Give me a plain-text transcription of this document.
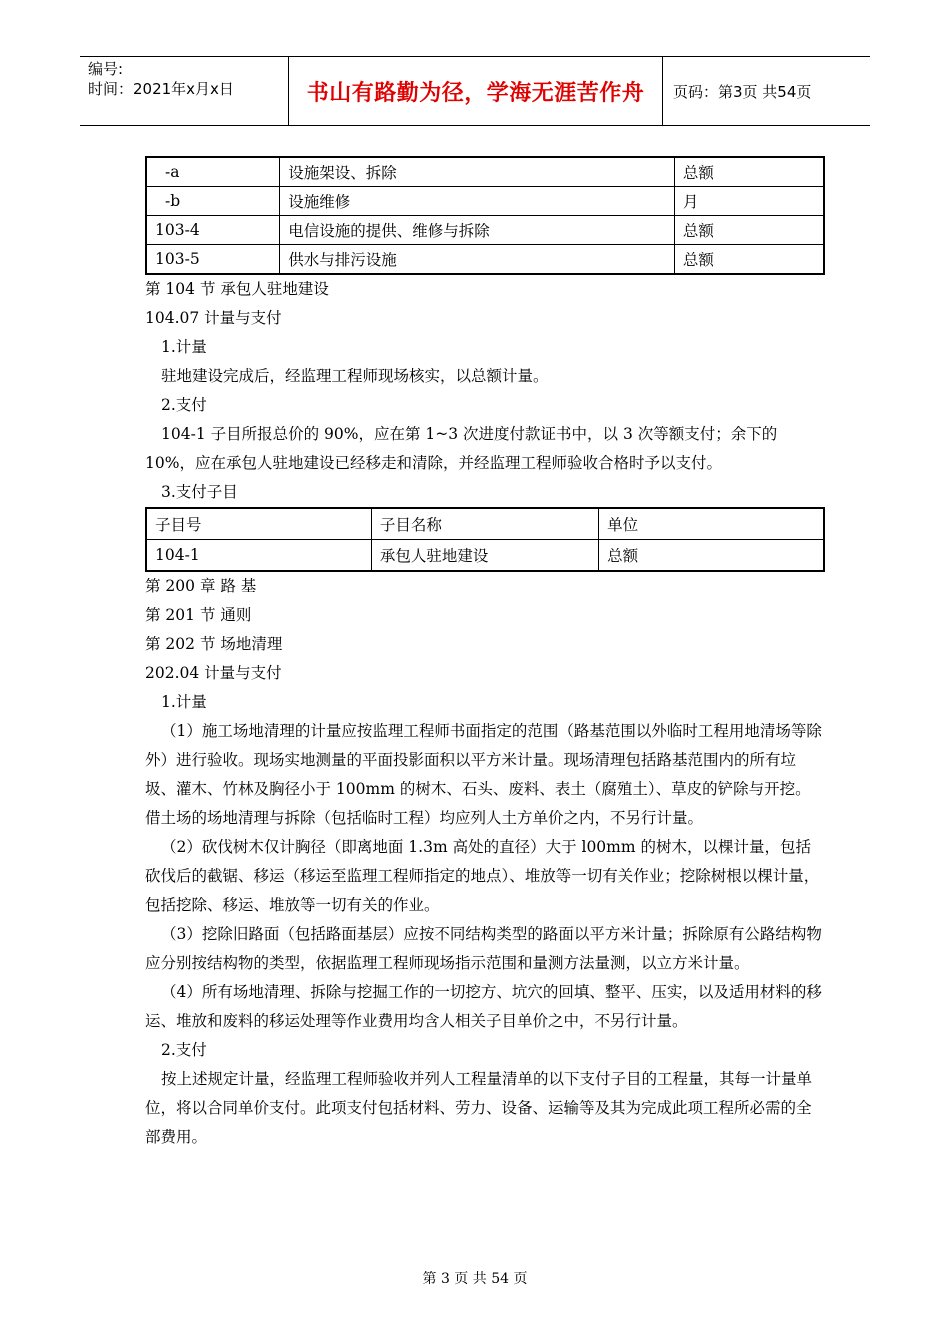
编号:
时间：2021年x月x日	书山有路勤为径，学海无涯苦作舟	页码：第3页 共54页
-a	设施架设、拆除	总额
-b	设施维修	月
103-4	电信设施的提供、维修与拆除	总额
103-5	供水与排污设施	总额
第 104 节 承包人驻地建设
104.07 计量与支付
1.计量
驻地建设完成后，经监理工程师现场核实，以总额计量。
2.支付
104-1 子目所报总价的 90%，应在第 1~3 次进度付款证书中，以 3 次等额支付；余下的 10%，应在承包人驻地建设已经移走和清除，并经监理工程师验收合格时予以支付。
3.支付子目
子目号	子目名称	单位
104-1	承包人驻地建设	总额
第 200 章 路 基
第 201 节 通则
第 202 节 场地清理
202.04 计量与支付
1.计量
（1）施工场地清理的计量应按监理工程师书面指定的范围（路基范围以外临时工程用地清场等除外）进行验收。现场实地测量的平面投影面积以平方米计量。现场清理包括路基范围内的所有垃圾、灌木、竹林及胸径小于 100mm 的树木、石头、废料、表土（腐殖土）、草皮的铲除与开挖。借土场的场地清理与拆除（包括临时工程）均应列人土方单价之内，不另行计量。
（2）砍伐树木仅计胸径（即离地面 1.3m 高处的直径）大于 l00mm 的树木，以棵计量，包括砍伐后的截锯、移运（移运至监理工程师指定的地点）、堆放等一切有关作业；挖除树根以棵计量，包括挖除、移运、堆放等一切有关的作业。
（3）挖除旧路面（包括路面基层）应按不同结构类型的路面以平方米计量；拆除原有公路结构物应分别按结构物的类型，依据监理工程师现场指示范围和量测方法量测，以立方米计量。
（4）所有场地清理、拆除与挖掘工作的一切挖方、坑穴的回填、整平、压实，以及适用材料的移运、堆放和废料的移运处理等作业费用均含人相关子目单价之中，不另行计量。
2.支付
按上述规定计量，经监理工程师验收并列人工程量清单的以下支付子目的工程量，其每一计量单位，将以合同单价支付。此项支付包括材料、劳力、设备、运输等及其为完成此项工程所必需的全部费用。
第 3 页 共 54 页
